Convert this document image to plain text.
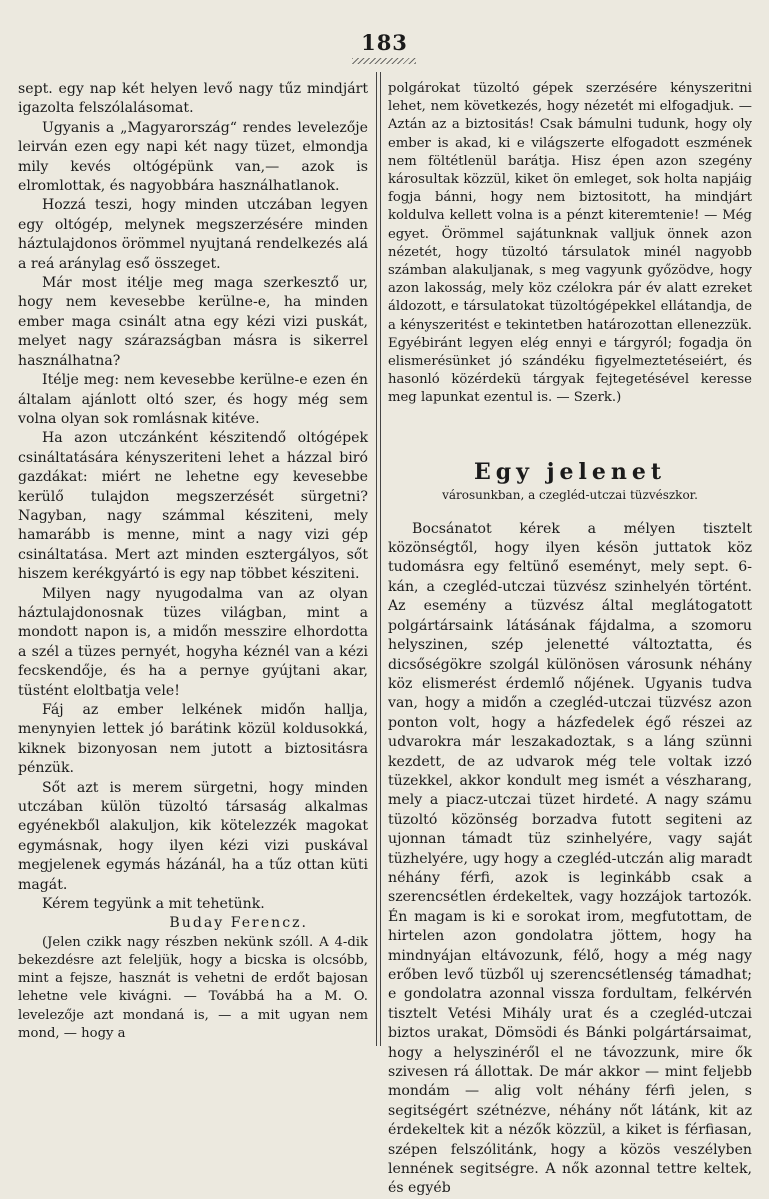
183

sept. egy nap két helyen levő nagy tűz mindjárt igazolta felszólalásomat.

Ugyanis a „Magyarország“ rendes levelezője leirván ezen egy napi két nagy tüzet, elmondja mily kevés oltógépünk van,— azok is elromlottak, és nagyobbára használhatlanok.

Hozzá teszi, hogy minden utczában legyen egy oltógép, melynek megszerzésére minden háztulajdonos örömmel nyujtaná rendelkezés alá a reá aránylag eső összeget.

Már most itélje meg maga szerkesztő ur, hogy nem kevesebbe kerülne-e, ha minden ember maga csinált atna egy kézi vizi puskát, melyet nagy szárazságban másra is sikerrel használhatna?

Itélje meg: nem kevesebbe kerülne-e ezen én általam ajánlott oltó szer, és hogy még sem volna olyan sok romlásnak kitéve.

Ha azon utczánként készitendő oltógépek csináltatására kényszeriteni lehet a házzal biró gazdákat: miért ne lehetne egy kevesebbe kerülő tulajdon megszerzését sürgetni? Nagyban, nagy számmal késziteni, mely hamarább is menne, mint a nagy vizi gép csináltatása. Mert azt minden esztergályos, sőt hiszem kerékgyártó is egy nap többet késziteni.

Milyen nagy nyugodalma van az olyan háztulajdonosnak tüzes világban, mint a mondott napon is, a midőn messzire elhordotta a szél a tüzes pernyét, hogyha kéznél van a kézi fecskendője, és ha a pernye gyújtani akar, tüstént eloltbatja vele!

Fáj az ember lelkének midőn hallja, menynyien lettek jó barátink közül koldusokká, kiknek bizonyosan nem jutott a biztositásra pénzük.

Sőt azt is merem sürgetni, hogy minden utczában külön tüzoltó társaság alkalmas egyénekből alakuljon, kik kötelezzék magokat egymásnak, hogy ilyen kézi vizi puskával megjelenek egymás házánál, ha a tűz ottan küti magát.

Kérem tegyünk a mit tehetünk.

Buday Ferencz.

(Jelen czikk nagy részben nekünk szóll. A 4-dik bekezdésre azt feleljük, hogy a bicska is olcsóbb, mint a fejsze, hasznát is vehetni de erdőt bajosan lehetne vele kivágni. — Továbbá ha a M. O. levelezője azt mondaná is, — a mit ugyan nem mond, — hogy a

polgárokat tüzoltó gépek szerzésére kényszeritni lehet, nem következés, hogy nézetét mi elfogadjuk. — Aztán az a biztositás! Csak bámulni tudunk, hogy oly ember is akad, ki e világszerte elfogadott eszmének nem föltétlenül barátja. Hisz épen azon szegény károsultak közzül, kiket ön emleget, sok holta napjáig fogja bánni, hogy nem biztositott, ha mindjárt koldulva kellett volna is a pénzt kiteremtenie! — Még egyet. Örömmel sajátunknak valljuk önnek azon nézetét, hogy tüzoltó társulatok minél nagyobb számban alakuljanak, s meg vagyunk győzödve, hogy azon lakosság, mely köz czélokra pár év alatt ezreket áldozott, e társulatokat tüzoltógépekkel ellátandja, de a kényszeritést e tekintetben határozottan ellenezzük. Egyébiránt legyen elég ennyi e tárgyról; fogadja ön elismerésünket jó szándéku figyelmeztetéseiért, és hasonló közérdekü tárgyak fejtegetésével keresse meg lapunkat ezentul is. — Szerk.)

Egy jelenet

városunkban, a czegléd-utczai tüzvészkor.

Bocsánatot kérek a mélyen tisztelt közönségtől, hogy ilyen késön juttatok köz tudomásra egy feltünő eseményt, mely sept. 6-kán, a czegléd-utczai tüzvész szinhelyén történt. Az esemény a tüzvész által meglátogatott polgártársaink látásának fájdalma, a szomoru helyszinen, szép jelenetté változtatta, és dicsőségökre szolgál különösen városunk néhány köz elismerést érdemlő nőjének. Ugyanis tudva van, hogy a midőn a czegléd-utczai tüzvész azon ponton volt, hogy a házfedelek égő részei az udvarokra már leszakadoztak, s a láng szünni kezdett, de az udvarok még tele voltak izzó tüzekkel, akkor kondult meg ismét a vészharang, mely a piacz-utczai tüzet hirdeté. A nagy számu tüzoltó közönség borzadva futott segiteni az ujonnan támadt tüz szinhelyére, vagy saját tüzhelyére, ugy hogy a czegléd-utczán alig maradt néhány férfi, azok is leginkább csak a szerencsétlen érdekeltek, vagy hozzájok tartozók. Én magam is ki e sorokat irom, megfutottam, de hirtelen azon gondolatra jöttem, hogy ha mindnyájan eltávozunk, félő, hogy a még nagy erőben levő tüzből uj szerencsétlenség támadhat; e gondolatra azonnal vissza fordultam, felkérvén tisztelt Vetési Mihály urat és a czegléd-utczai biztos urakat, Dömsödi és Bánki polgártársaimat, hogy a helyszinéről el ne távozzunk, mire ők szivesen rá állottak. De már akkor — mint feljebb mondám — alig volt néhány férfi jelen, s segitségért szétnézve, néhány nőt látánk, kit az érdekeltek kit a nézők közzül, a kiket is férfiasan, szépen felszólitánk, hogy a közös veszélyben lennének segitségre. A nők azonnal tettre keltek, és egyéb
